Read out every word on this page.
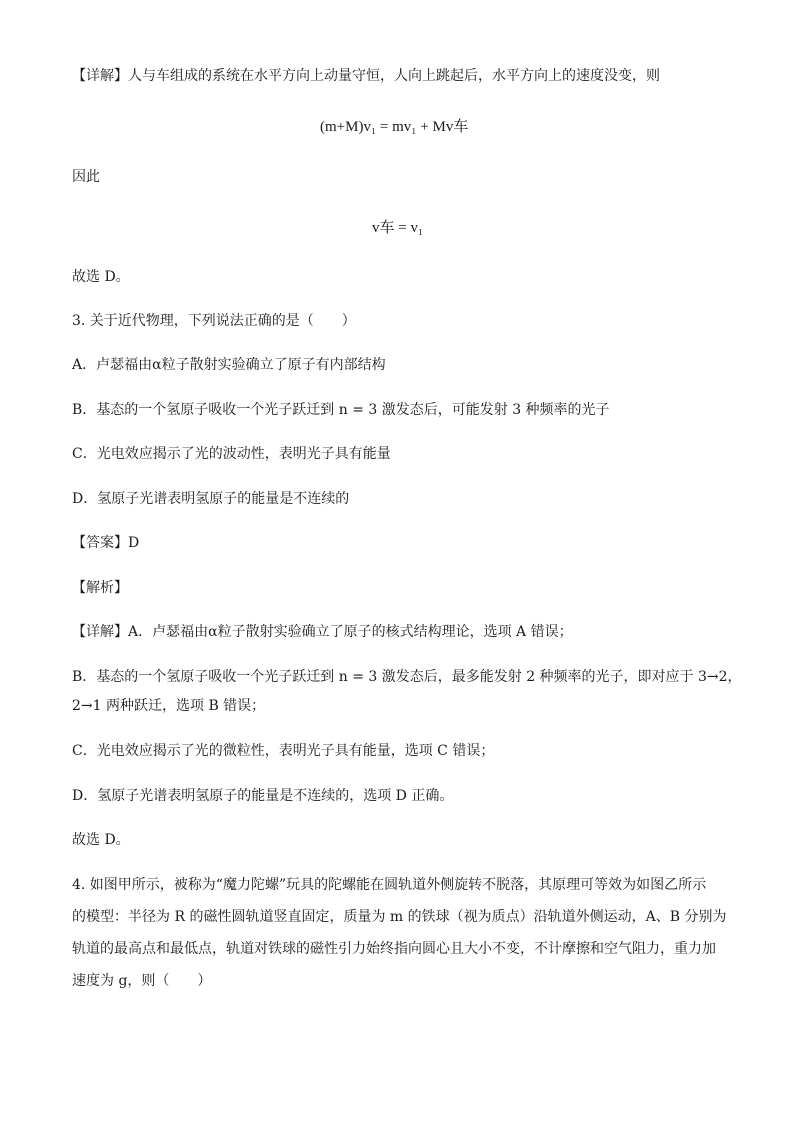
【详解】人与车组成的系统在水平方向上动量守恒，人向上跳起后，水平方向上的速度没变，则
(m+M)v₁ = mv₁ + Mv车
因此
v车 = v₁
故选 D。
3. 关于近代物理，下列说法正确的是（　　）
A．卢瑟福由α粒子散射实验确立了原子有内部结构
B．基态的一个氢原子吸收一个光子跃迁到 n = 3 激发态后，可能发射 3 种频率的光子
C．光电效应揭示了光的波动性，表明光子具有能量
D．氢原子光谱表明氢原子的能量是不连续的
【答案】D
【解析】
【详解】A．卢瑟福由α粒子散射实验确立了原子的核式结构理论，选项 A 错误；
B．基态的一个氢原子吸收一个光子跃迁到 n = 3 激发态后，最多能发射 2 种频率的光子，即对应于 3→2，
2→1 两种跃迁，选项 B 错误；
C．光电效应揭示了光的微粒性，表明光子具有能量，选项 C 错误；
D．氢原子光谱表明氢原子的能量是不连续的，选项 D 正确。
故选 D。
4. 如图甲所示，被称为“魔力陀螺”玩具的陀螺能在圆轨道外侧旋转不脱落，其原理可等效为如图乙所示
的模型：半径为 R 的磁性圆轨道竖直固定，质量为 m 的铁球（视为质点）沿轨道外侧运动，A、B 分别为
轨道的最高点和最低点，轨道对铁球的磁性引力始终指向圆心且大小不变，不计摩擦和空气阻力，重力加
速度为 g，则（　　）
